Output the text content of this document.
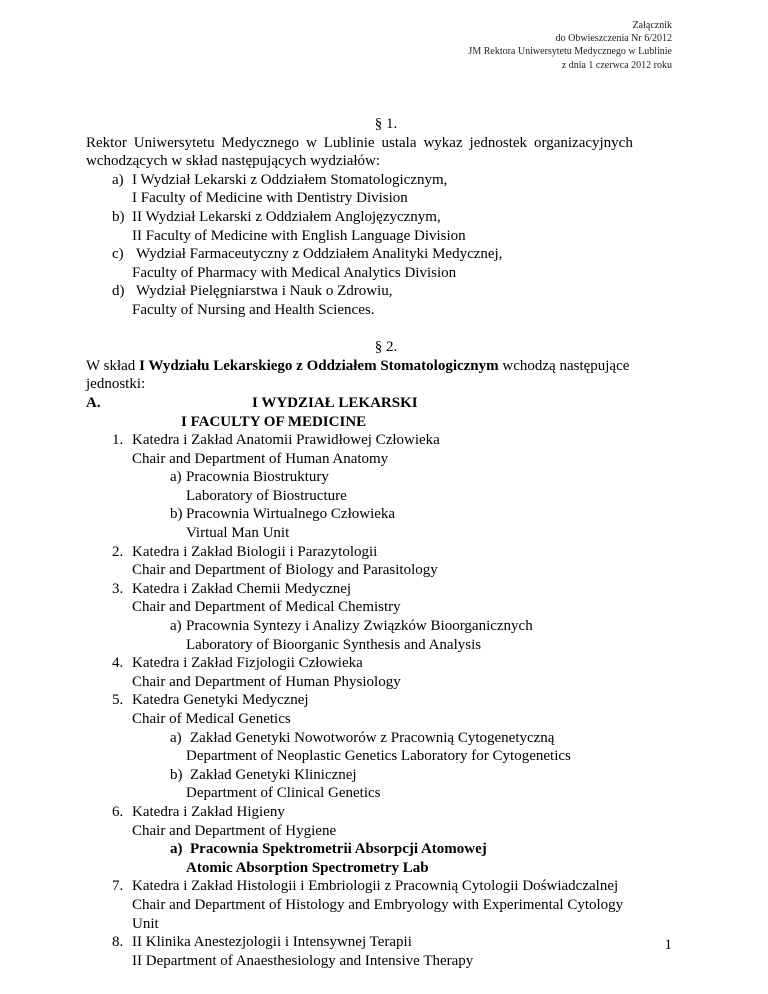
Załącznik
do Obwieszczenia Nr 6/2012
JM Rektora Uniwersytetu Medycznego w Lublinie
z dnia 1 czerwca 2012 roku
§ 1.
Rektor Uniwersytetu Medycznego w Lublinie ustala wykaz jednostek organizacyjnych
wchodzących w skład następujących wydziałów:
a) I Wydział Lekarski z Oddziałem Stomatologicznym,
I Faculty of Medicine with Dentistry Division
b) II Wydział Lekarski z Oddziałem Anglojęzycznym,
II Faculty of Medicine with English Language Division
c) Wydział Farmaceutyczny z Oddziałem Analityki Medycznej,
Faculty of Pharmacy with Medical Analytics Division
d) Wydział Pielęgniarstwa i Nauk o Zdrowiu,
Faculty of Nursing and Health Sciences.
§ 2.
W skład I Wydziału Lekarskiego z Oddziałem Stomatologicznym wchodzą następujące
jednostki:
A.	I WYDZIAŁ LEKARSKI
I FACULTY OF MEDICINE
1. Katedra i Zakład Anatomii Prawidłowej Człowieka
Chair and Department of Human Anatomy
a) Pracownia Biostruktury
Laboratory of Biostructure
b) Pracownia Wirtualnego Człowieka
Virtual Man Unit
2. Katedra i Zakład Biologii i Parazytologii
Chair and Department of Biology and Parasitology
3. Katedra i Zakład Chemii Medycznej
Chair and Department of Medical Chemistry
a) Pracownia Syntezy i Analizy Związków Bioorganicznych
Laboratory of Bioorganic Synthesis and Analysis
4. Katedra i Zakład Fizjologii Człowieka
Chair and Department of Human Physiology
5. Katedra Genetyki Medycznej
Chair of Medical Genetics
a) Zakład Genetyki Nowotworów z Pracownią Cytogenetyczną
Department of Neoplastic Genetics Laboratory for Cytogenetics
b) Zakład Genetyki Klinicznej
Department of Clinical Genetics
6. Katedra i Zakład Higieny
Chair and Department of Hygiene
a) Pracownia Spektrometrii Absorpcji Atomowej
Atomic Absorption Spectrometry Lab
7. Katedra i Zakład Histologii i Embriologii z Pracownią Cytologii Doświadczalnej
Chair and Department of Histology and Embryology with Experimental Cytology
Unit
8. II Klinika Anestezjologii i Intensywnej Terapii
II Department of Anaesthesiology and Intensive Therapy
1
